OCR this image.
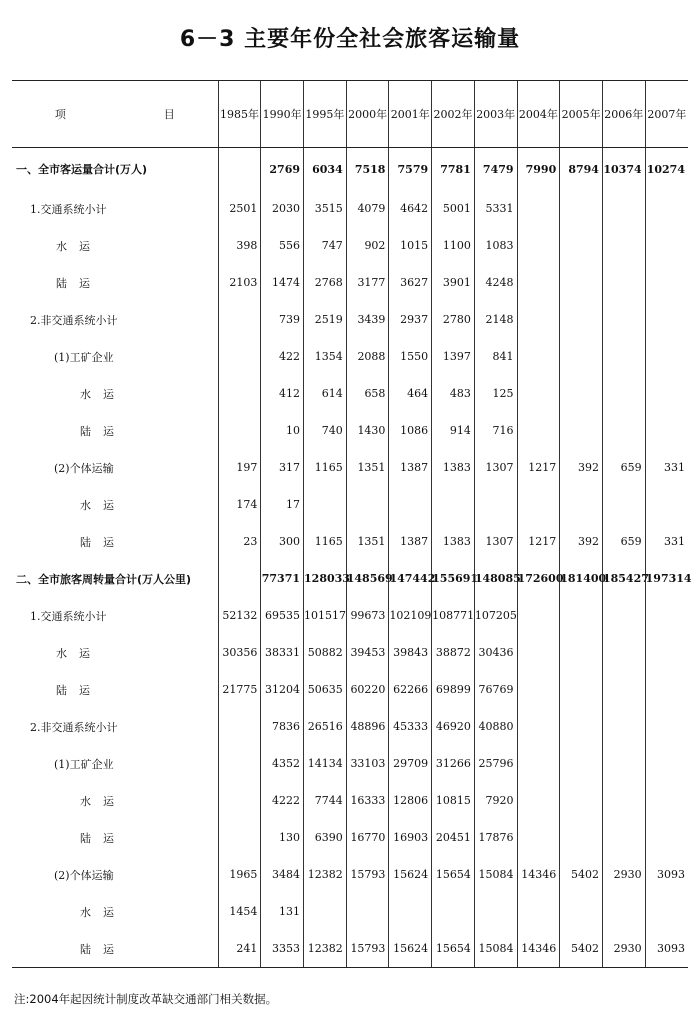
6－3 主要年份全社会旅客运输量
项目	1985年	1990年	1995年	2000年	2001年	2002年	2003年	2004年	2005年	2006年	2007年
一、全市客运量合计(万人)		2769	6034	7518	7579	7781	7479	7990	8794	10374	10274
1.交通系统小计	2501	2030	3515	4079	4642	5001	5331				
水运	398	556	747	902	1015	1100	1083				
陆运	2103	1474	2768	3177	3627	3901	4248				
2.非交通系统小计		739	2519	3439	2937	2780	2148				
(1)工矿企业		422	1354	2088	1550	1397	841				
水运		412	614	658	464	483	125				
陆运		10	740	1430	1086	914	716				
(2)个体运输	197	317	1165	1351	1387	1383	1307	1217	392	659	331
水运	174	17									
陆运	23	300	1165	1351	1387	1383	1307	1217	392	659	331
二、全市旅客周转量合计(万人公里)		77371	128033	148569	147442	155691	148085	172600	181400	185427	197314
1.交通系统小计	52132	69535	101517	99673	102109	108771	107205				
水运	30356	38331	50882	39453	39843	38872	30436				
陆运	21775	31204	50635	60220	62266	69899	76769				
2.非交通系统小计		7836	26516	48896	45333	46920	40880				
(1)工矿企业		4352	14134	33103	29709	31266	25796				
水运		4222	7744	16333	12806	10815	7920				
陆运		130	6390	16770	16903	20451	17876				
(2)个体运输	1965	3484	12382	15793	15624	15654	15084	14346	5402	2930	3093
水运	1454	131									
陆运	241	3353	12382	15793	15624	15654	15084	14346	5402	2930	3093
注:2004年起因统计制度改革缺交通部门相关数据。
